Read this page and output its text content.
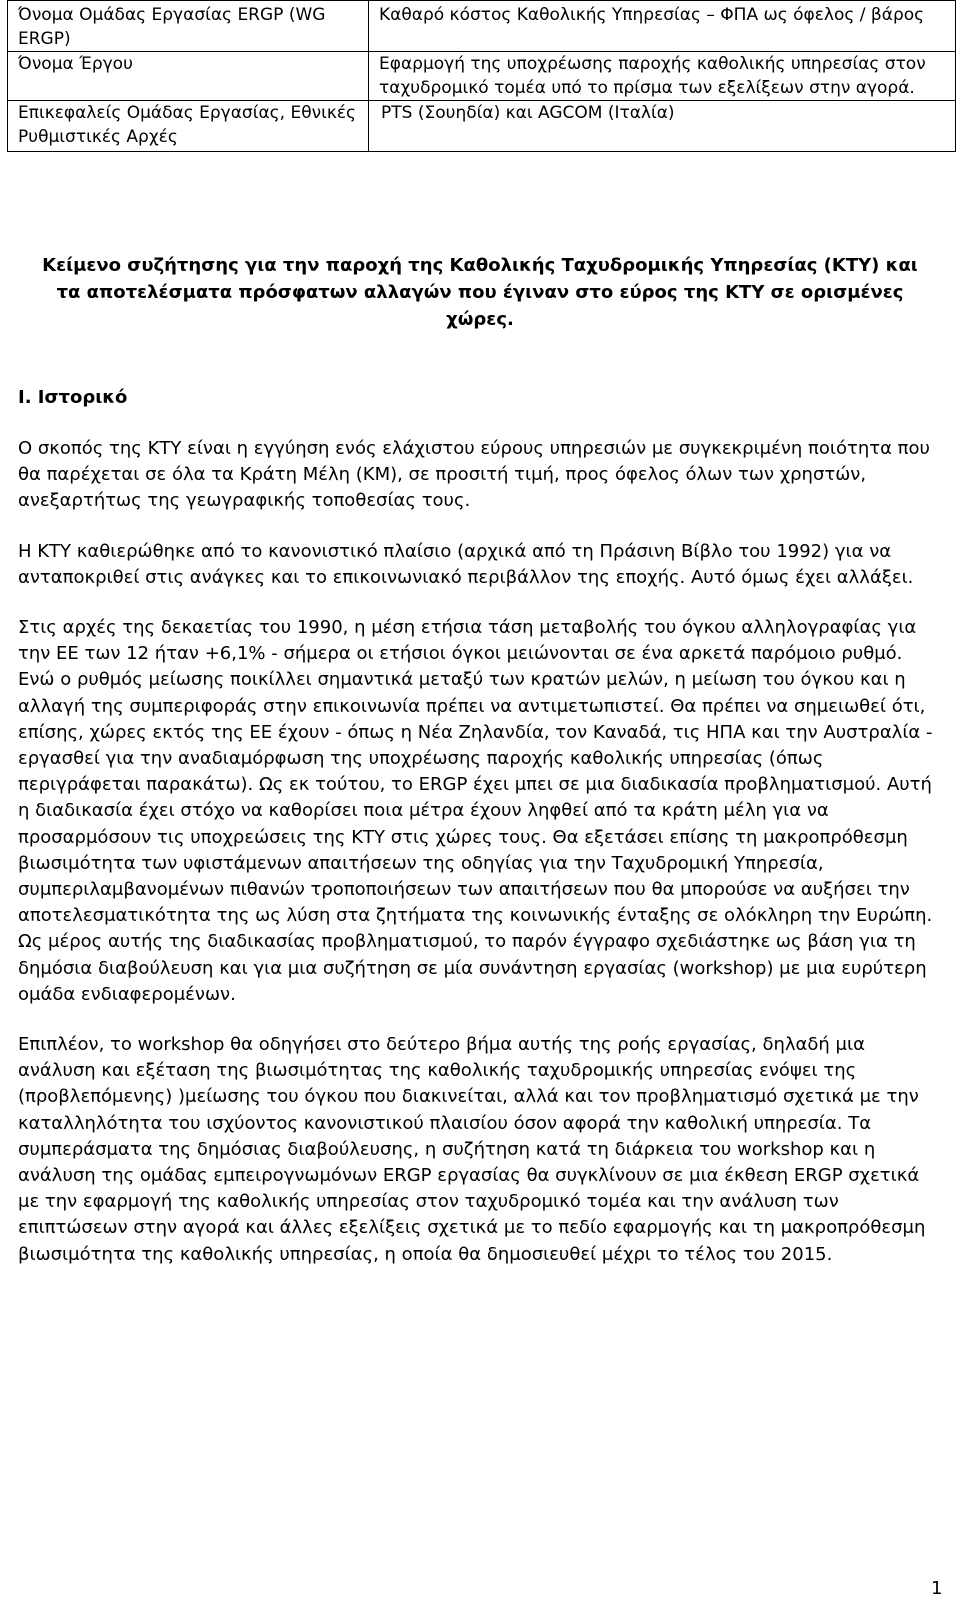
Όνομα Ομάδας Εργασίας ERGP (WG ERGP)	Καθαρό κόστος Καθολικής Υπηρεσίας – ΦΠΑ ως όφελος / βάρος
Όνομα Έργου	Εφαρμογή της υποχρέωσης παροχής καθολικής υπηρεσίας στον ταχυδρομικό τομέα υπό το πρίσμα των εξελίξεων στην αγορά.
Επικεφαλείς Ομάδας Εργασίας, Εθνικές Ρυθμιστικές Αρχές	PTS (Σουηδία) και AGCOM (Ιταλία)
Κείμενο συζήτησης για την παροχή της Καθολικής Ταχυδρομικής Υπηρεσίας (ΚΤΥ) και τα αποτελέσματα πρόσφατων αλλαγών που έγιναν στο εύρος της ΚΤΥ σε ορισμένες χώρες.
I. Ιστορικό

Ο σκοπός της ΚΤΥ είναι η εγγύηση ενός ελάχιστου εύρους υπηρεσιών με συγκεκριμένη ποιότητα που θα παρέχεται σε όλα τα Κράτη Μέλη (ΚΜ), σε προσιτή τιμή, προς όφελος όλων των χρηστών, ανεξαρτήτως της γεωγραφικής τοποθεσίας τους.

Η ΚΤΥ καθιερώθηκε από το κανονιστικό πλαίσιο (αρχικά από τη Πράσινη Βίβλο του 1992) για να ανταποκριθεί στις ανάγκες και το επικοινωνιακό περιβάλλον της εποχής. Αυτό όμως έχει αλλάξει.

Στις αρχές της δεκαετίας του 1990, η μέση ετήσια τάση μεταβολής του όγκου αλληλογραφίας για την ΕΕ των 12 ήταν +6,1% - σήμερα οι ετήσιοι όγκοι μειώνονται σε ένα αρκετά παρόμοιο ρυθμό. Ενώ ο ρυθμός μείωσης ποικίλλει σημαντικά μεταξύ των κρατών μελών, η μείωση του όγκου και η αλλαγή της συμπεριφοράς στην επικοινωνία πρέπει να αντιμετωπιστεί. Θα πρέπει να σημειωθεί ότι, επίσης, χώρες εκτός της ΕΕ έχουν - όπως η Νέα Ζηλανδία, τον Καναδά, τις ΗΠΑ και την Αυστραλία - εργασθεί για την αναδιαμόρφωση της υποχρέωσης παροχής καθολικής υπηρεσίας (όπως περιγράφεται παρακάτω). Ως εκ τούτου, το ERGP έχει μπει σε μια διαδικασία προβληματισμού. Αυτή η διαδικασία έχει στόχο να καθορίσει ποια μέτρα έχουν ληφθεί από τα κράτη μέλη για να προσαρμόσουν τις υποχρεώσεις της ΚΤΥ στις χώρες τους. Θα εξετάσει επίσης τη μακροπρόθεσμη βιωσιμότητα των υφιστάμενων απαιτήσεων της οδηγίας για την Ταχυδρομική Υπηρεσία, συμπεριλαμβανομένων πιθανών τροποποιήσεων των απαιτήσεων που θα μπορούσε να αυξήσει την αποτελεσματικότητα της ως λύση στα ζητήματα της κοινωνικής ένταξης σε ολόκληρη την Ευρώπη. Ως μέρος αυτής της διαδικασίας προβληματισμού, το παρόν έγγραφο σχεδιάστηκε ως βάση για τη δημόσια διαβούλευση και για μια συζήτηση σε μία συνάντηση εργασίας (workshop) με μια ευρύτερη ομάδα ενδιαφερομένων.

Επιπλέον, το workshop θα οδηγήσει στο δεύτερο βήμα αυτής της ροής εργασίας, δηλαδή μια ανάλυση και εξέταση της βιωσιμότητας της καθολικής ταχυδρομικής υπηρεσίας ενόψει της (προβλεπόμενης) )μείωσης του όγκου που διακινείται, αλλά και τον προβληματισμό σχετικά με την καταλληλότητα του ισχύοντος κανονιστικού πλαισίου όσον αφορά την καθολική υπηρεσία. Τα συμπεράσματα της δημόσιας διαβούλευσης, η συζήτηση κατά τη διάρκεια του workshop και η ανάλυση της ομάδας εμπειρογνωμόνων ERGP εργασίας θα συγκλίνουν σε μια έκθεση ERGP σχετικά με την εφαρμογή της καθολικής υπηρεσίας στον ταχυδρομικό τομέα και την ανάλυση των επιπτώσεων στην αγορά και άλλες εξελίξεις σχετικά με το πεδίο εφαρμογής και τη μακροπρόθεσμη βιωσιμότητα της καθολικής υπηρεσίας, η οποία θα δημοσιευθεί μέχρι το τέλος του 2015.

1
